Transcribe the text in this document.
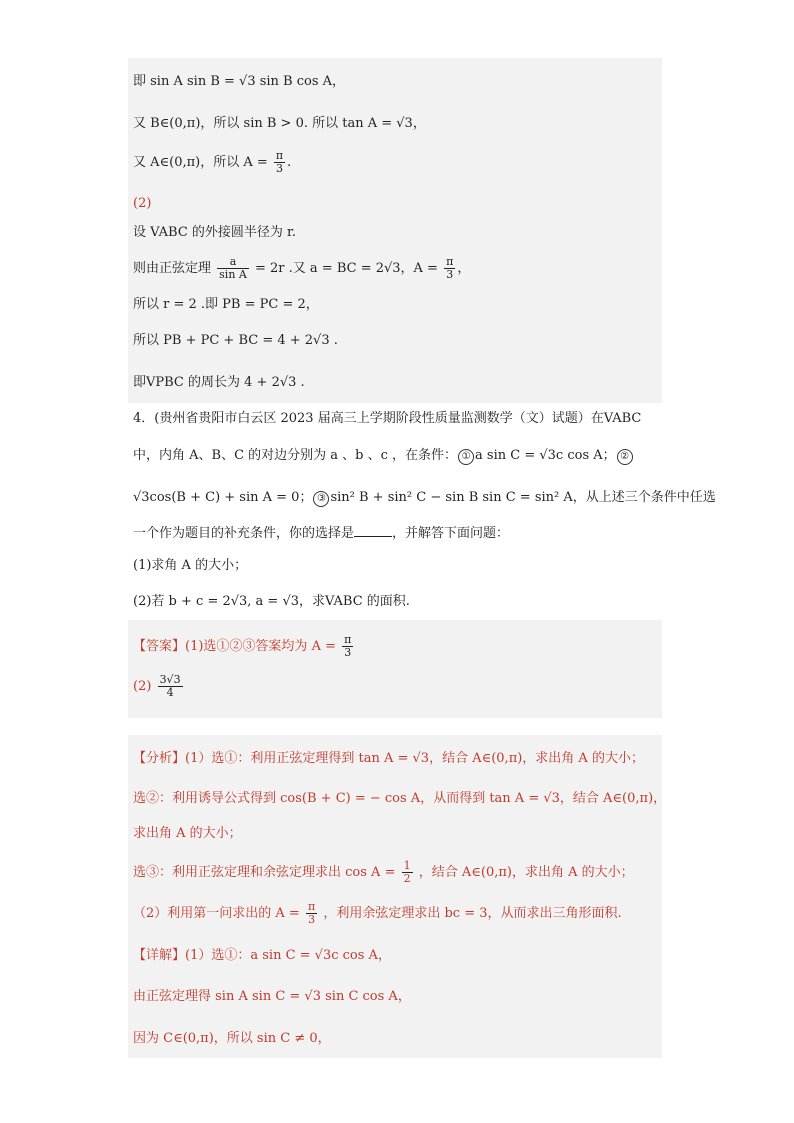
即 sin A sin B = √3 sin B cos A，
又 B∈(0,π)，所以 sin B > 0. 所以 tan A = √3，
又 A∈(0,π)，所以 $A = \frac{\pi}{3}$ .
(2)
设 VABC 的外接圆半径为 r.
则由正弦定理 $\frac{a}{\text{sin A}} = 2r$ .又 a = BC = 2√3，$A = \frac{\pi}{3}$ ，
所以 r = 2 .即 PB = PC = 2，
所以 PB + PC + BC = 4 + 2√3 .
即VPBC 的周长为 4 + 2√3 .
4．(贵州省贵阳市白云区 2023 届高三上学期阶段性质量监测数学（文）试题）在VABC
中，内角 A、B、C 的对边分别为 a 、b 、c ，在条件： ① a sin C = √3c cos A； ②
√3cos(B + C) + sin A = 0； ③ sin² B + sin² C − sin B sin C = sin² A，从上述三个条件中任选
一个作为题目的补充条件，你的选择是	，并解答下面问题：
(1)求角 A 的大小；
(2)若 b + c = 2√3, a = √3，求VABC 的面积.
【答案】(1)选①②③答案均为 $A = \frac{\pi}{3}$
$(2) \frac{3√3}{4}$
【分析】(1）选①：利用正弦定理得到 tan A = √3，结合 A∈(0,π)，求出角 A 的大小；
选②：利用诱导公式得到 cos(B + C) = − cos A，从而得到 tan A = √3，结合 A∈(0,π)，
求出角 A 的大小；
选③：利用正弦定理和余弦定理求出 $\cos A = \frac{1}{2}$ ，结合 A∈(0,π)，求出角 A 的大小；
（2）利用第一问求出的 $A = \frac{\pi}{3}$ ，利用余弦定理求出 bc = 3，从而求出三角形面积.
【详解】(1）选①：a sin C = √3c cos A，
由正弦定理得 sin A sin C = √3 sin C cos A，
因为 C∈(0,π)，所以 sin C ≠ 0，
